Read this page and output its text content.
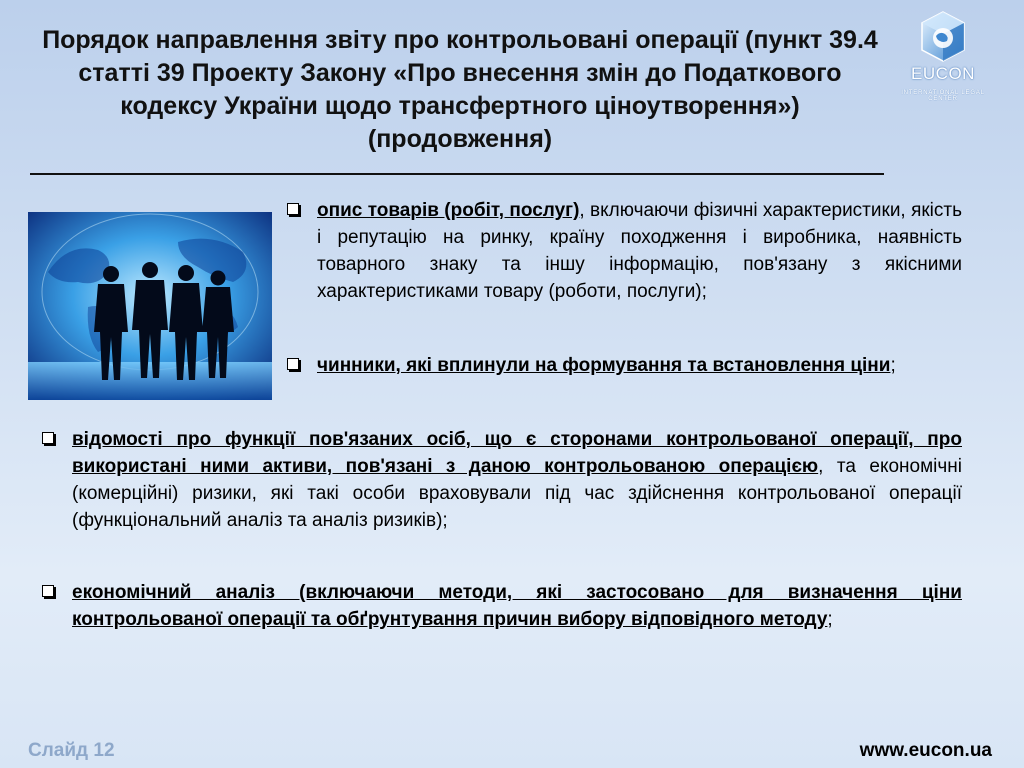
Порядок направлення звіту про контрольовані операції (пункт 39.4 статті 39 Проекту Закону «Про внесення змін до Податкового кодексу України щодо трансфертного ціноутворення») (продовження)
EUCON
INTERNATIONAL LEGAL CENTER
опис товарів (робіт, послуг), включаючи фізичні характеристики, якість і репутацію на ринку, країну походження і виробника, наявність товарного знаку та іншу інформацію, пов'язану з якісними характеристиками товару (роботи, послуги);
чинники, які вплинули на формування та встановлення ціни;
відомості про функції пов'язаних осіб, що є сторонами контрольованої операції, про використані ними активи, пов'язані з даною контрольованою операцією, та економічні (комерційні) ризики, які такі особи враховували під час здійснення контрольованої операції (функціональний аналіз та аналіз ризиків);
економічний аналіз (включаючи методи, які застосовано для визначення ціни контрольованої операції та обґрунтування причин вибору відповідного методу;
Слайд 12	www.eucon.ua
